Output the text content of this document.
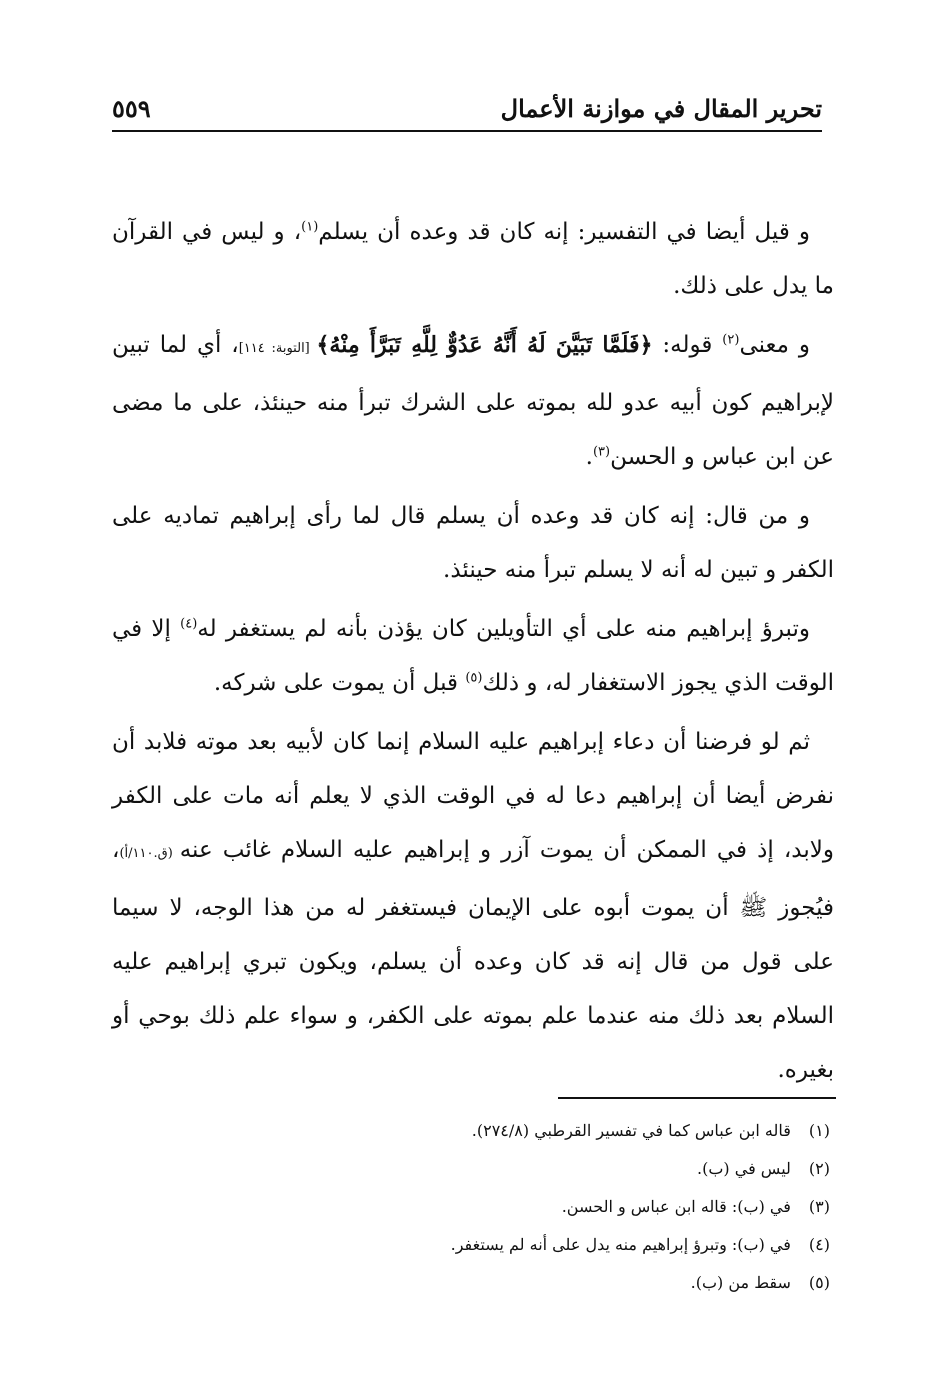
تحرير المقال في موازنة الأعمال
٥٥٩

و قيل أيضا في التفسير: إنه كان قد وعده أن يسلم$^{(١)}$، و ليس في القرآن ما يدل على ذلك.

و معنى$^{(٢)}$ قوله: ﴿فَلَمَّا تَبَيَّنَ لَهُ أَنَّهُ عَدُوٌّ لِلَّهِ تَبَرَّأَ مِنْهُ﴾ [التوبة: ١١٤]، أي لما تبين لإبراهيم كون أبيه عدو لله بموته على الشرك تبرأ منه حينئذ، على ما مضى عن ابن عباس و الحسن$^{(٣)}$.

و من قال: إنه كان قد وعده أن يسلم قال لما رأى إبراهيم تماديه على الكفر و تبين له أنه لا يسلم تبرأ منه حينئذ.

وتبرؤ إبراهيم منه على أي التأويلين كان يؤذن بأنه لم يستغفر له$^{(٤)}$ إلا في الوقت الذي يجوز الاستغفار له، و ذلك$^{(٥)}$ قبل أن يموت على شركه.

ثم لو فرضنا أن دعاء إبراهيم عليه السلام إنما كان لأبيه بعد موته فلابد أن نفرض أيضا أن إبراهيم دعا له في الوقت الذي لا يعلم أنه مات على الكفر ولابد، إذ في الممكن أن يموت آزر و إبراهيم عليه السلام غائب عنه (ق.١١٠/أ)، فيُجوز ﷺ أن يموت أبوه على الإيمان فيستغفر له من هذا الوجه، لا سيما على قول من قال إنه قد كان وعده أن يسلم، ويكون تبري إبراهيم عليه السلام بعد ذلك منه عندما علم بموته على الكفر، و سواء علم ذلك بوحي أو بغيره.

(١) قاله ابن عباس كما في تفسير القرطبي (٢٧٤/٨).
(٢) ليس في (ب).
(٣) في (ب): قاله ابن عباس و الحسن.
(٤) في (ب): وتبرؤ إبراهيم منه يدل على أنه لم يستغفر.
(٥) سقط من (ب).
